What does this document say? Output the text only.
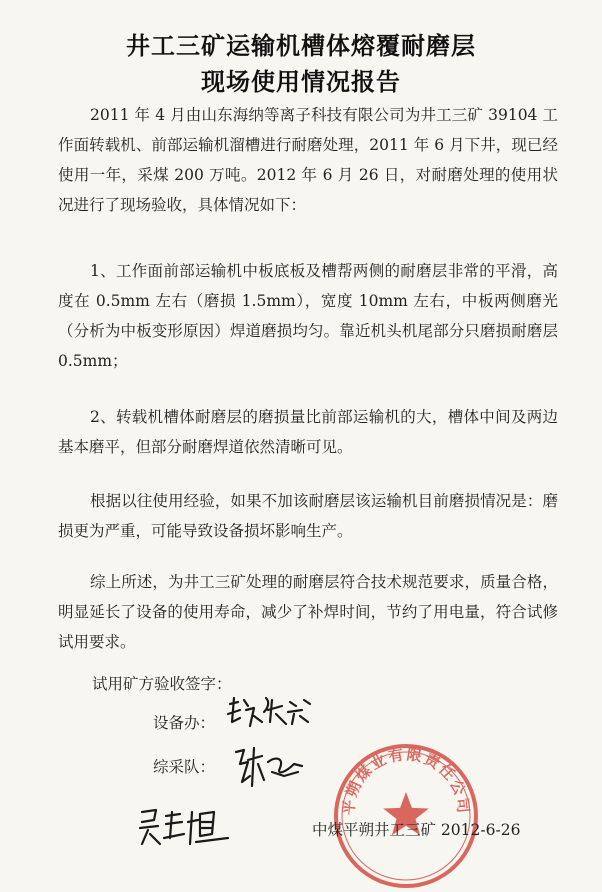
井工三矿运输机槽体熔覆耐磨层
现场使用情况报告
2011 年 4 月由山东海纳等离子科技有限公司为井工三矿 39104 工作面转载机、前部运输机溜槽进行耐磨处理，2011 年 6 月下井，现已经使用一年，采煤 200 万吨。2012 年 6 月 26 日，对耐磨处理的使用状况进行了现场验收，具体情况如下：
1、工作面前部运输机中板底板及槽帮两侧的耐磨层非常的平滑，高度在 0.5mm 左右（磨损 1.5mm），宽度 10mm 左右，中板两侧磨光（分析为中板变形原因）焊道磨损均匀。靠近机头机尾部分只磨损耐磨层 0.5mm；
2、转载机槽体耐磨层的磨损量比前部运输机的大，槽体中间及两边基本磨平，但部分耐磨焊道依然清晰可见。
根据以往使用经验，如果不加该耐磨层该运输机目前磨损情况是：磨损更为严重，可能导致设备损坏影响生产。
综上所述，为井工三矿处理的耐磨层符合技术规范要求，质量合格，明显延长了设备的使用寿命，减少了补焊时间，节约了用电量，符合试修试用要求。
试用矿方验收签字：
设备办：
综采队：
平朔煤业有限责任公司
中煤平朔井工三矿 2012-6-26
